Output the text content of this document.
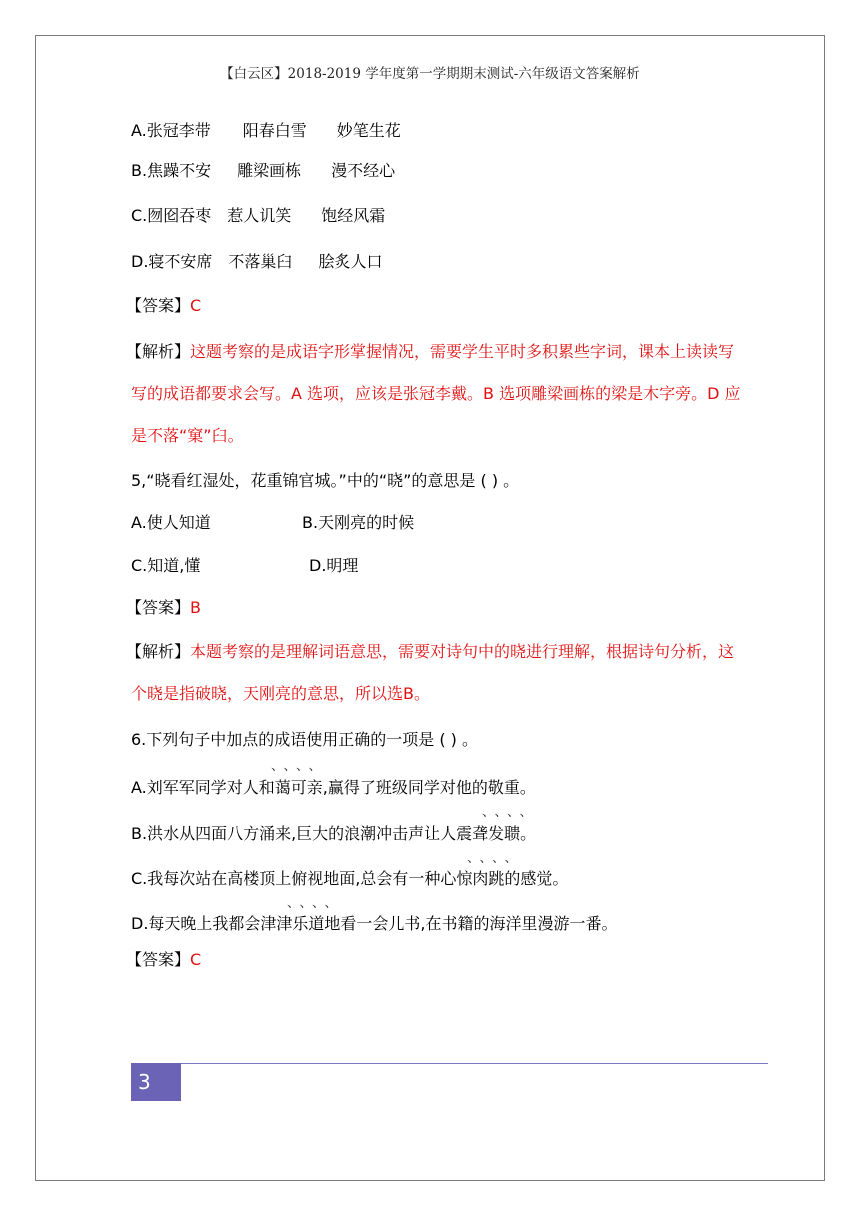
【白云区】2018-2019 学年度第一学期期末测试-六年级语文答案解析
A.张冠李带 阳春白雪 妙笔生花
B.焦躁不安 雕梁画栋 漫不经心
C.囫囵吞枣 惹人讥笑 饱经风霜
D.寝不安席 不落巢臼 脍炙人口
【答案】C
【解析】这题考察的是成语字形掌握情况，需要学生平时多积累些字词，课本上读读写
写的成语都要求会写。A 选项，应该是张冠李戴。B 选项雕梁画栋的梁是木字旁。D 应
是不落“窠”臼。
5,“晓看红湿处，花重锦官城。”中的“晓”的意思是 ( ) 。
A.使人知道	B.天刚亮的时候
C.知道,懂	D.明理
【答案】B
【解析】本题考察的是理解词语意思，需要对诗句中的晓进行理解，根据诗句分析，这
个晓是指破晓，天刚亮的意思，所以选B。
6.下列句子中加点的成语使用正确的一项是 ( ) 。
、、、、
A.刘军军同学对人和蔼可亲,赢得了班级同学对他的敬重。
、、、、
B.洪水从四面八方涌来,巨大的浪潮冲击声让人震聋发聩。
、、、、
C.我每次站在高楼顶上俯视地面,总会有一种心惊肉跳的感觉。
、、、、
D.每天晚上我都会津津乐道地看一会儿书,在书籍的海洋里漫游一番。
【答案】C
3
